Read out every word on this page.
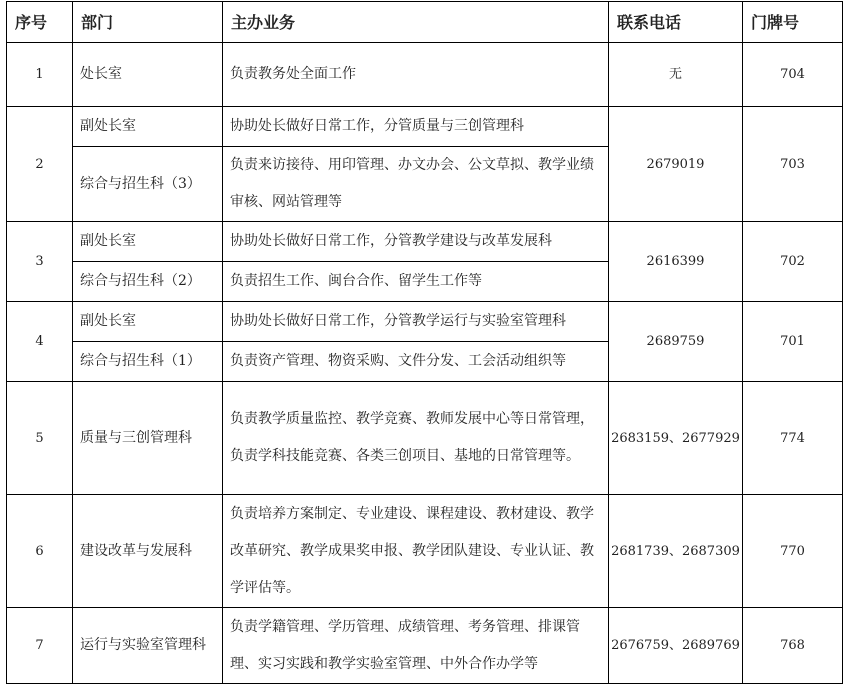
序号	部门	主办业务	联系电话	门牌号
1	处长室	负责教务处全面工作	无	704
2	副处长室	协助处长做好日常工作，分管质量与三创管理科	2679019	703
	综合与招生科（3）	负责来访接待、用印管理、办文办会、公文草拟、教学业绩审核、网站管理等		
3	副处长室	协助处长做好日常工作，分管教学建设与改革发展科	2616399	702
	综合与招生科（2）	负责招生工作、闽台合作、留学生工作等		
4	副处长室	协助处长做好日常工作，分管教学运行与实验室管理科	2689759	701
	综合与招生科（1）	负责资产管理、物资采购、文件分发、工会活动组织等		
5	质量与三创管理科	负责教学质量监控、教学竞赛、教师发展中心等日常管理，负责学科技能竞赛、各类三创项目、基地的日常管理等。	2683159、2677929	774
6	建设改革与发展科	负责培养方案制定、专业建设、课程建设、教材建设、教学改革研究、教学成果奖申报、教学团队建设、专业认证、教学评估等。	2681739、2687309	770
7	运行与实验室管理科	负责学籍管理、学历管理、成绩管理、考务管理、排课管理、实习实践和教学实验室管理、中外合作办学等	2676759、2689769	768
